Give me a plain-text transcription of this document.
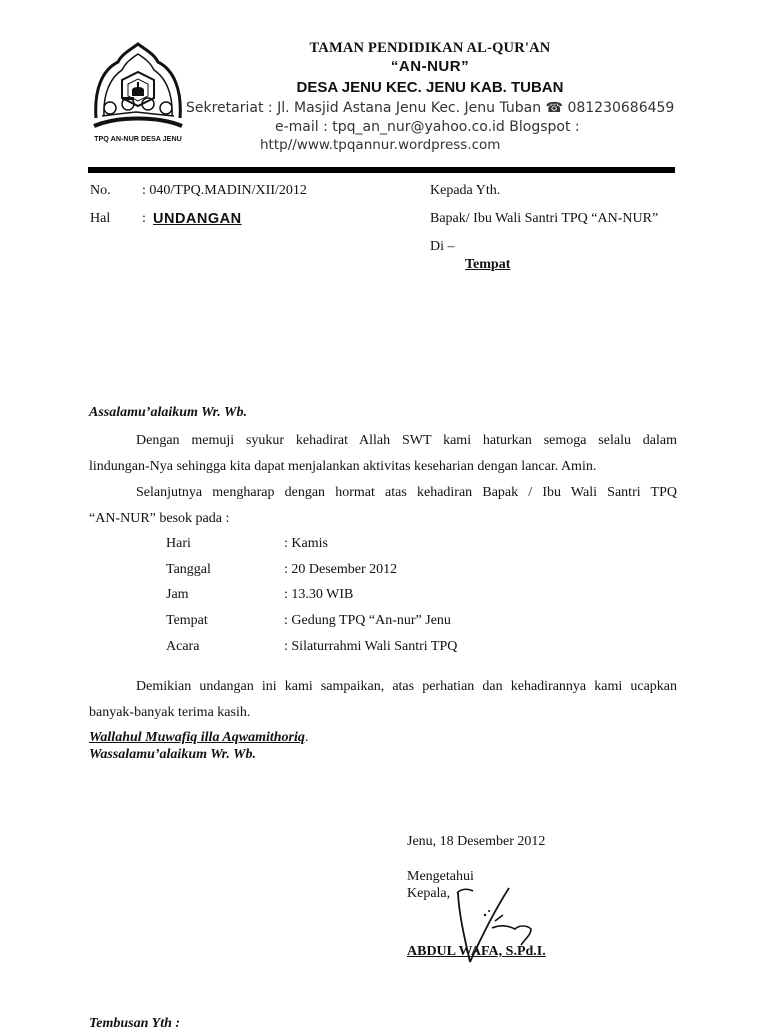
TPQ AN-NUR DESA JENU
TAMAN PENDIDIKAN AL-QUR'AN
“AN-NUR”
DESA JENU KEC. JENU KAB. TUBAN
Sekretariat : Jl. Masjid Astana Jenu Kec. Jenu Tuban ☎ 081230686459
e-mail : tpq_an_nur@yahoo.co.id Blogspot :
http//www.tpqannur.wordpress.com
No. : 040/TPQ.MADIN/XII/2012
Hal : UNDANGAN
Kepada Yth.
Bapak/ Ibu Wali Santri TPQ “AN-NUR”
Di –
Tempat
Assalamu’alaikum Wr. Wb.
Dengan memuji syukur kehadirat Allah SWT kami haturkan semoga selalu dalam
lindungan-Nya sehingga kita dapat menjalankan aktivitas keseharian dengan lancar. Amin.
Selanjutnya mengharap dengan hormat atas kehadiran Bapak / Ibu Wali Santri TPQ
“AN-NUR” besok pada :
Hari	: Kamis
Tanggal	: 20 Desember 2012
Jam	: 13.30 WIB
Tempat	: Gedung TPQ “An-nur” Jenu
Acara	: Silaturrahmi Wali Santri TPQ
Demikian undangan ini kami sampaikan, atas perhatian dan kehadirannya kami ucapkan
banyak-banyak terima kasih.
Wallahul Muwafiq illa Aqwamithoriq.
Wassalamu’alaikum Wr. Wb.
Jenu, 18 Desember 2012
Mengetahui
Kepala,
ABDUL WAFA, S.Pd.I.
Tembusan Yth :
